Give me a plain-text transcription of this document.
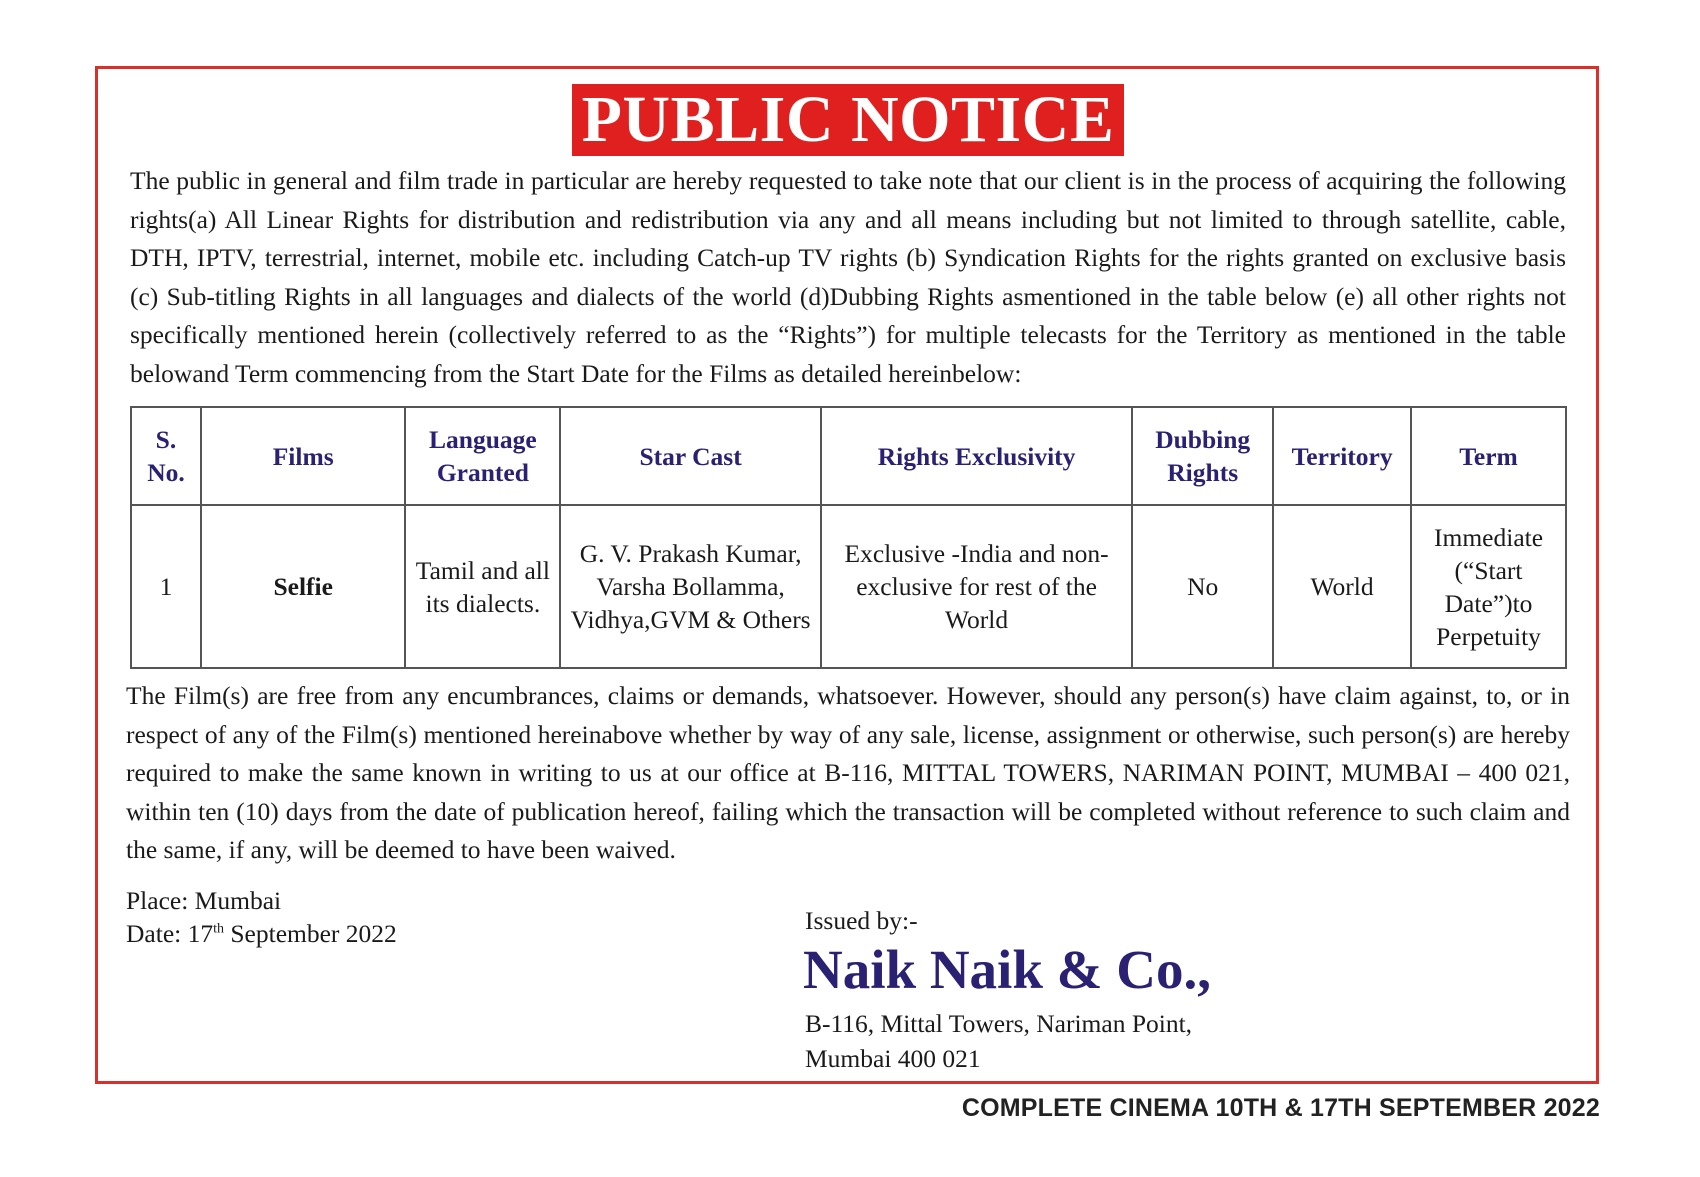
PUBLIC NOTICE
The public in general and film trade in particular are hereby requested to take note that our client is in the process of acquiring the following rights(a) All Linear Rights for distribution and redistribution via any and all means including but not limited to through satellite, cable, DTH, IPTV, terrestrial, internet, mobile etc. including Catch-up TV rights (b) Syndication Rights for the rights granted on exclusive basis (c) Sub-titling Rights in all languages and dialects of the world (d)Dubbing Rights asmentioned in the table below (e) all other rights not specifically mentioned herein (collectively referred to as the “Rights”) for multiple telecasts for the Territory as mentioned in the table belowand Term commencing from the Start Date for the Films as detailed hereinbelow:
S. No.	Films	Language Granted	Star Cast	Rights Exclusivity	Dubbing Rights	Territory	Term
1	Selfie	Tamil and all its dialects.	G. V. Prakash Kumar, Varsha Bollamma, Vidhya,GVM & Others	Exclusive -India and non-exclusive for rest of the World	No	World	Immediate (“Start Date”)to Perpetuity
The Film(s) are free from any encumbrances, claims or demands, whatsoever. However, should any person(s) have claim against, to, or in respect of any of the Film(s) mentioned hereinabove whether by way of any sale, license, assignment or otherwise, such person(s) are hereby required to make the same known in writing to us at our office at B-116, MITTAL TOWERS, NARIMAN POINT, MUMBAI – 400 021, within ten (10) days from the date of publication hereof, failing which the transaction will be completed without reference to such claim and the same, if any, will be deemed to have been waived.
Place: Mumbai
Date: 17th September 2022	Issued by:-
Naik Naik & Co.,
B-116, Mittal Towers, Nariman Point,
Mumbai 400 021
COMPLETE CINEMA 10TH & 17TH SEPTEMBER 2022
